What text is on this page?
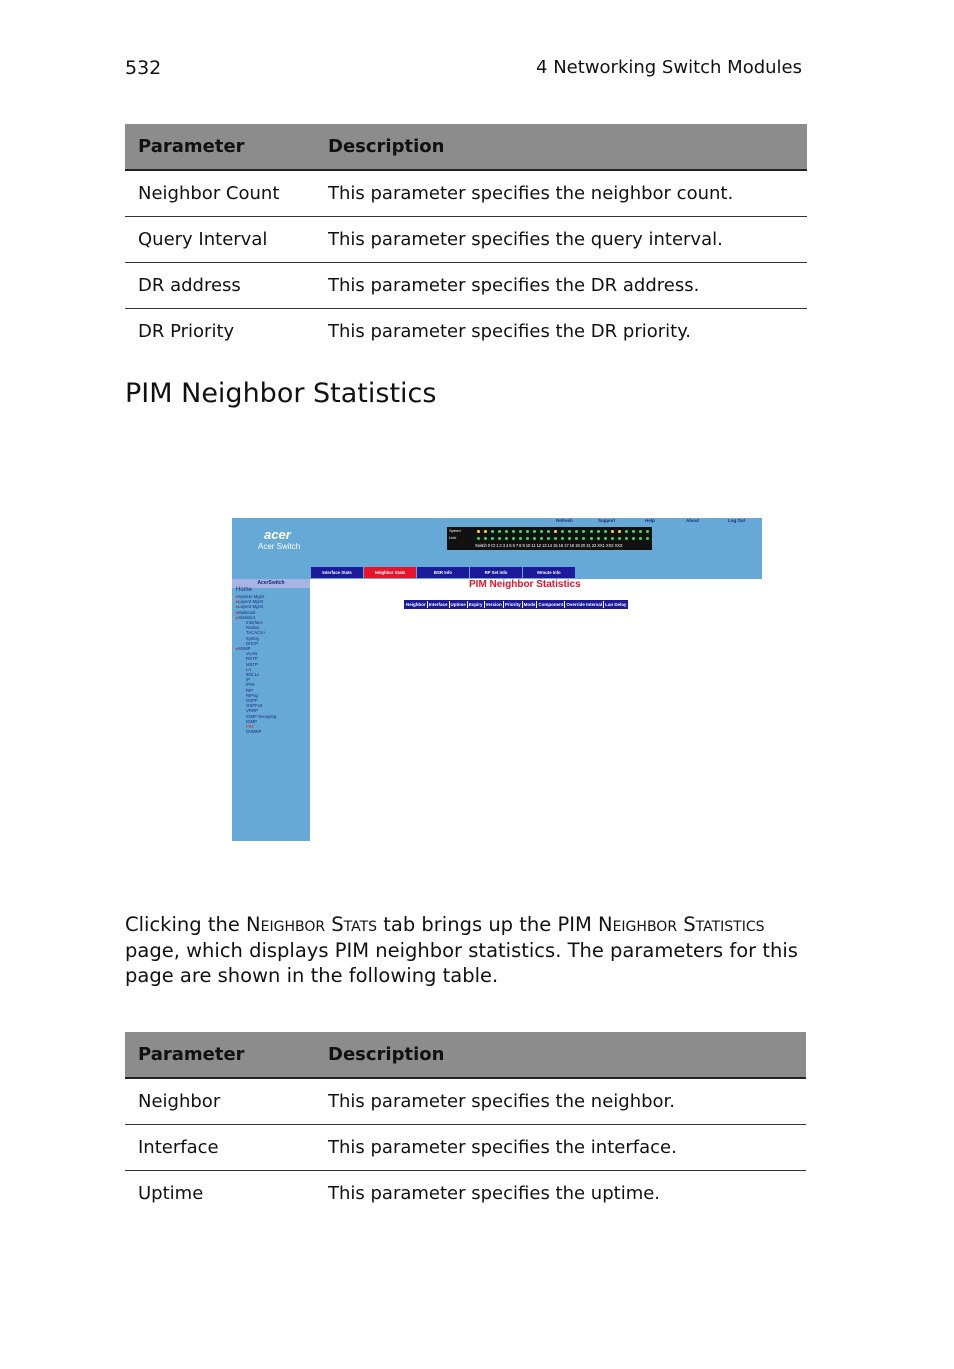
532	4 Networking Switch Modules
Parameter	Description
Neighbor Count	This parameter specifies the neighbor count.
Query Interval	This parameter specifies the query interval.
DR address	This parameter specifies the DR address.
DR Priority	This parameter specifies the DR priority.
PIM Neighbor Statistics
acer
Acer Switch
Refresh	Support	Help	About	Log Out
Speed
Link
Switch 0 Ct 1 2 3 4 5 6 7 8 9 10 11 12 13 14 15 16 17 18 19 20 21 22 XX1 XX2 XX3
AcerSwitch
Home
▸System Mgmt
▸Layer2 Mgmt
▸Layer3 Mgmt
▸Multicast
▸Statistics
Interface
Radius
TACACS+
Syslog
DHCP
▸SNMP
VLAN
RSTP
MSTP
LA
802.1x
IP
IPv6
RIP
RIPng
OSPF
OSPFv3
VRRP
IGMP Snooping
IGMP
PIM
DVMRP
Interface Stats	Neighbor Stats	BSR Info	RP Set Info	Mroute Info
PIM Neighbor Statistics
Neighbor Interface Uptime Expiry Version Priority Mode Component Override Interval Lan Delay

Clicking the Neighbor Stats tab brings up the PIM Neighbor Statistics page, which displays PIM neighbor statistics. The parameters for this page are shown in the following table.

Parameter	Description
Neighbor	This parameter specifies the neighbor.
Interface	This parameter specifies the interface.
Uptime	This parameter specifies the uptime.
